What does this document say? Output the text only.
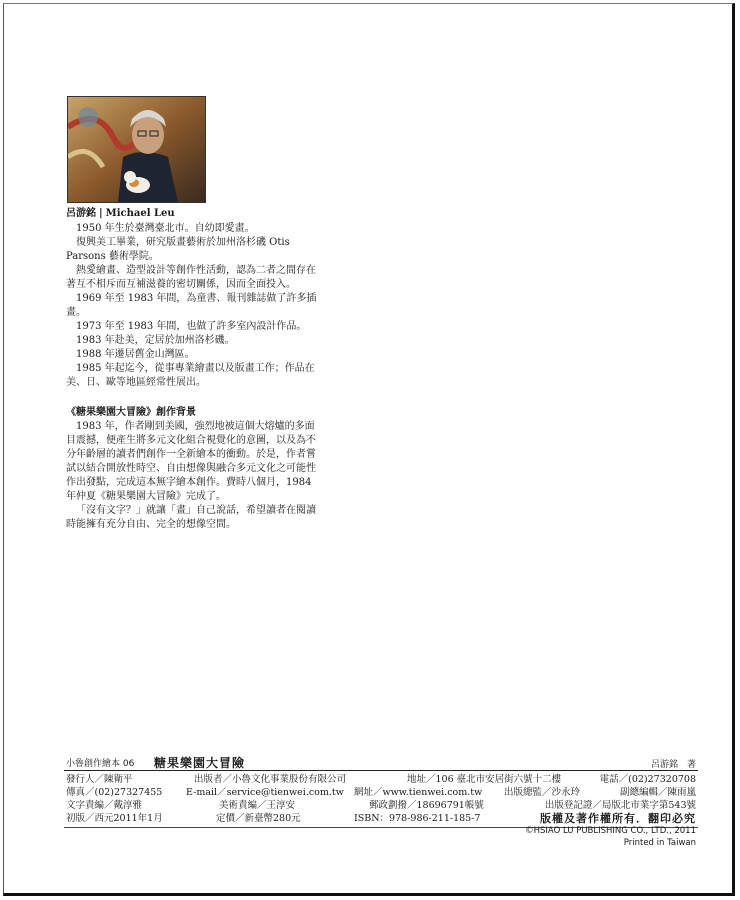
呂游銘 | Michael Leu

1950 年生於臺灣臺北市。自幼即愛畫。

復興美工畢業，研究版畫藝術於加州洛杉磯 Otis Parsons 藝術學院。

熱愛繪畫、造型設計等創作性活動，認為二者之間存在著互不相斥而互補滋養的密切關係，因而全面投入。

1969 年至 1983 年間，為童書、報刊雜誌做了許多插畫。

1973 年至 1983 年間，也做了許多室內設計作品。

1983 年赴美，定居於加州洛杉磯。

1988 年遷居舊金山灣區。

1985 年起迄今，從事專業繪畫以及版畫工作；作品在美、日、歐等地區經常性展出。

《糖果樂園大冒險》創作背景

1983 年，作者剛到美國，強烈地被這個大熔爐的多面目震撼，便產生將多元文化組合視覺化的意圖，以及為不分年齡層的讀者們創作一全新繪本的衝動。於是，作者嘗試以結合開放性時空、自由想像與融合多元文化之可能性作出發點，完成這本無字繪本創作。費時八個月，1984 年仲夏《糖果樂園大冒險》完成了。

「沒有文字？」就讓「畫」自己說話，希望讀者在閱讀時能擁有充分自由、完全的想像空間。

小魯創作繪本 06 糖果樂園大冒險	呂游銘　著
發行人／陳衛平	出版者／小魯文化事業股份有限公司	地址／106 臺北市安居街六號十二樓	電話／(02)27320708
傳真／(02)27327455 E-mail／service@tienwei.com.tw 網址／www.tienwei.com.tw 出版總監／沙永玲	副總編輯／陳雨嵐
文字責編／戴淳雅	美術責編／王淳安	郵政劃撥／18696791帳號	出版登記證／局版北市業字第543號
初版／西元2011年1月	定價／新臺幣280元	ISBN：978-986-211-185-7	版權及著作權所有．翻印必究
©HSIAO LU PUBLISHING CO., LTD., 2011
Printed in Taiwan
